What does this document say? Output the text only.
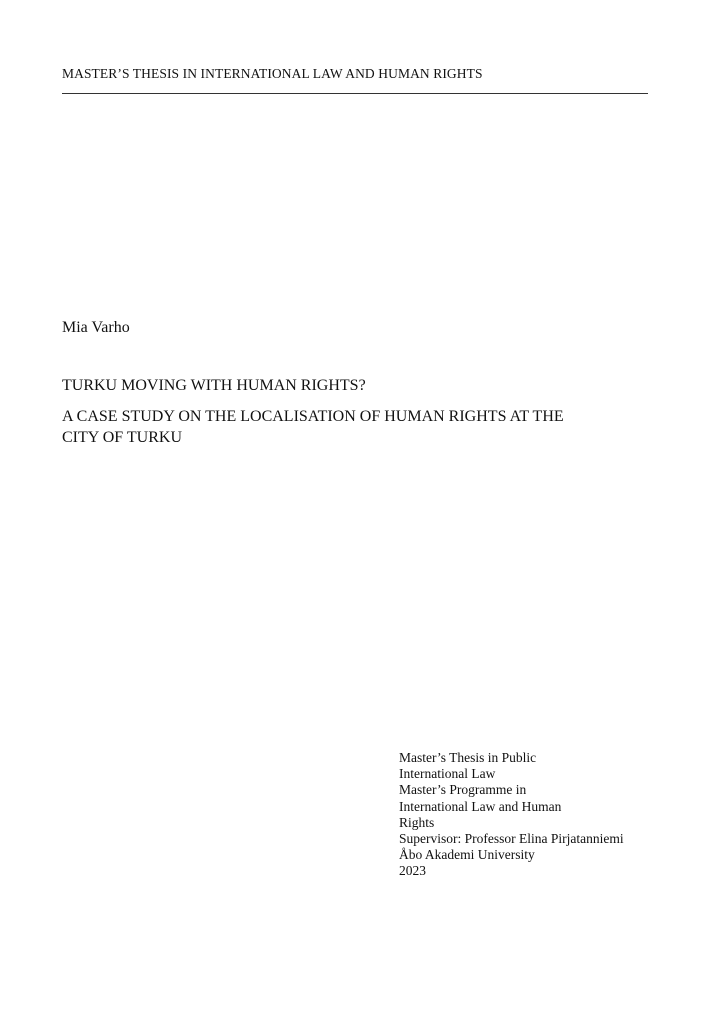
MASTER’S THESIS IN INTERNATIONAL LAW AND HUMAN RIGHTS
Mia Varho
TURKU MOVING WITH HUMAN RIGHTS?
A CASE STUDY ON THE LOCALISATION OF HUMAN RIGHTS AT THE
CITY OF TURKU
Master’s Thesis in Public
International Law
Master’s Programme in
International Law and Human
Rights
Supervisor: Professor Elina Pirjatanniemi
Åbo Akademi University
2023
